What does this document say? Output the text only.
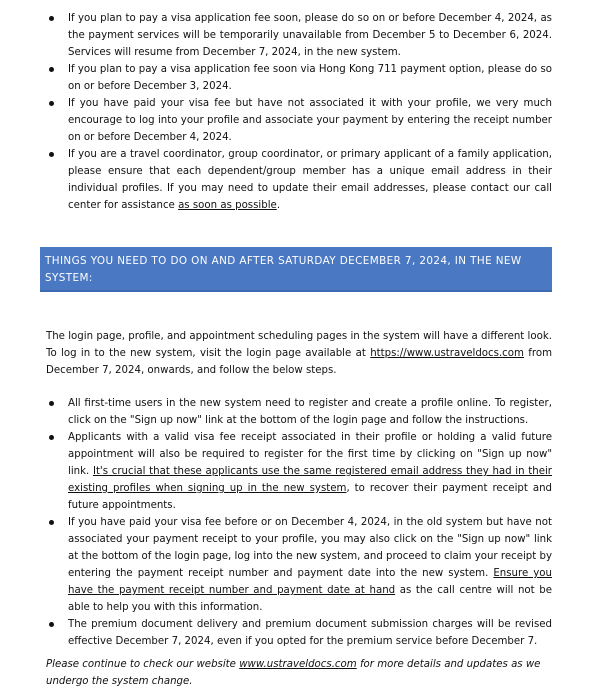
If you plan to pay a visa application fee soon, please do so on or before December 4, 2024, as the payment services will be temporarily unavailable from December 5 to December 6, 2024. Services will resume from December 7, 2024, in the new system.
If you plan to pay a visa application fee soon via Hong Kong 711 payment option, please do so on or before December 3, 2024.
If you have paid your visa fee but have not associated it with your profile, we very much encourage to log into your profile and associate your payment by entering the receipt number on or before December 4, 2024.
If you are a travel coordinator, group coordinator, or primary applicant of a family application, please ensure that each dependent/group member has a unique email address in their individual profiles. If you may need to update their email addresses, please contact our call center for assistance as soon as possible.
THINGS YOU NEED TO DO ON AND AFTER SATURDAY DECEMBER 7, 2024, IN THE NEW SYSTEM:

The login page, profile, and appointment scheduling pages in the system will have a different look. To log in to the new system, visit the login page available at https://www.ustraveldocs.com from December 7, 2024, onwards, and follow the below steps.

All first-time users in the new system need to register and create a profile online. To register, click on the "Sign up now" link at the bottom of the login page and follow the instructions.
Applicants with a valid visa fee receipt associated in their profile or holding a valid future appointment will also be required to register for the first time by clicking on "Sign up now" link. It's crucial that these applicants use the same registered email address they had in their existing profiles when signing up in the new system, to recover their payment receipt and future appointments.
If you have paid your visa fee before or on December 4, 2024, in the old system but have not associated your payment receipt to your profile, you may also click on the "Sign up now" link at the bottom of the login page, log into the new system, and proceed to claim your receipt by entering the payment receipt number and payment date into the new system. Ensure you have the payment receipt number and payment date at hand as the call centre will not be able to help you with this information.
The premium document delivery and premium document submission charges will be revised effective December 7, 2024, even if you opted for the premium service before December 7.

Please continue to check our website www.ustraveldocs.com for more details and updates as we undergo the system change.
